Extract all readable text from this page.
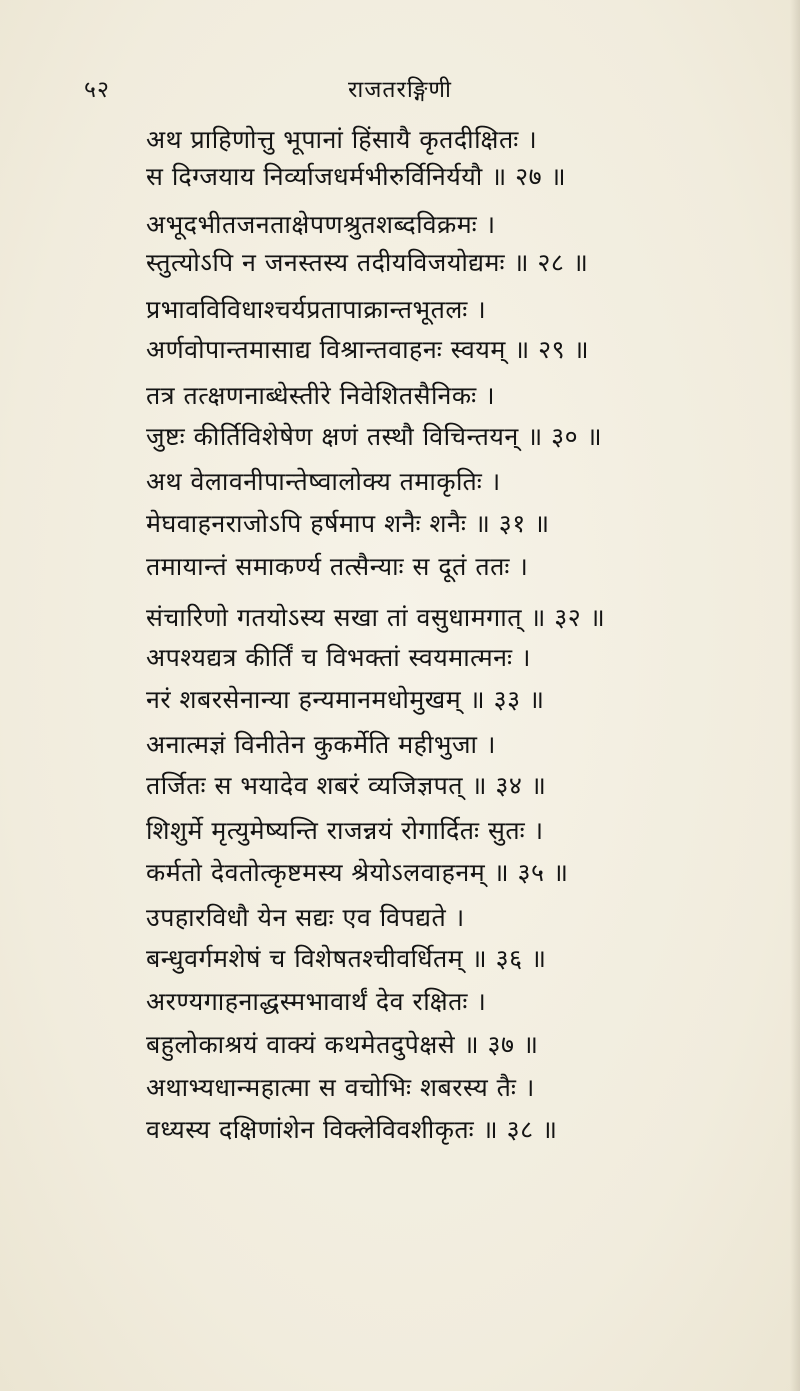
५२	राजतरङ्गिणी
अथ प्राहिणोत्तु भूपानां हिंसायै कृतदीक्षितः ।
स दिग्जयाय निर्व्याजधर्मभीरुर्विनिर्ययौ ॥ २७ ॥
अभूदभीतजनताक्षेपणश्रुतशब्दविक्रमः ।
स्तुत्योऽपि न जनस्तस्य तदीयविजयोद्यमः ॥ २८ ॥
प्रभावविविधाश्चर्यप्रतापाक्रान्तभूतलः ।
अर्णवोपान्तमासाद्य विश्रान्तवाहनः स्वयम् ॥ २९ ॥
तत्र तत्क्षणनाब्धेस्तीरे निवेशितसैनिकः ।
जुष्टः कीर्तिविशेषेण क्षणं तस्थौ विचिन्तयन् ॥ ३० ॥
अथ वेलावनीपान्तेष्वालोक्य तमाकृतिः ।
मेघवाहनराजोऽपि हर्षमाप शनैः शनैः ॥ ३१ ॥
तमायान्तं समाकर्ण्य तत्सैन्याः स दूतं ततः ।
संचारिणो गतयोऽस्य सखा तां वसुधामगात् ॥ ३२ ॥
अपश्यद्यत्र कीर्तिं च विभक्तां स्वयमात्मनः ।
नरं शबरसेनान्या हन्यमानमधोमुखम् ॥ ३३ ॥
अनात्मज्ञं विनीतेन कुकर्मेति महीभुजा ।
तर्जितः स भयादेव शबरं व्यजिज्ञपत् ॥ ३४ ॥
शिशुर्मे मृत्युमेष्यन्ति राजन्नयं रोगार्दितः सुतः ।
कर्मतो देवतोत्कृष्टमस्य श्रेयोऽलवाहनम् ॥ ३५ ॥
उपहारविधौ येन सद्यः एव विपद्यते ।
बन्धुवर्गमशेषं च विशेषतश्चीवर्धितम् ॥ ३६ ॥
अरण्यगाहनाद्धस्मभावार्थं देव रक्षितः ।
बहुलोकाश्रयं वाक्यं कथमेतदुपेक्षसे ॥ ३७ ॥
अथाभ्यधान्महात्मा स वचोभिः शबरस्य तैः ।
वध्यस्य दक्षिणांशेन विक्लेविवशीकृतः ॥ ३८ ॥
